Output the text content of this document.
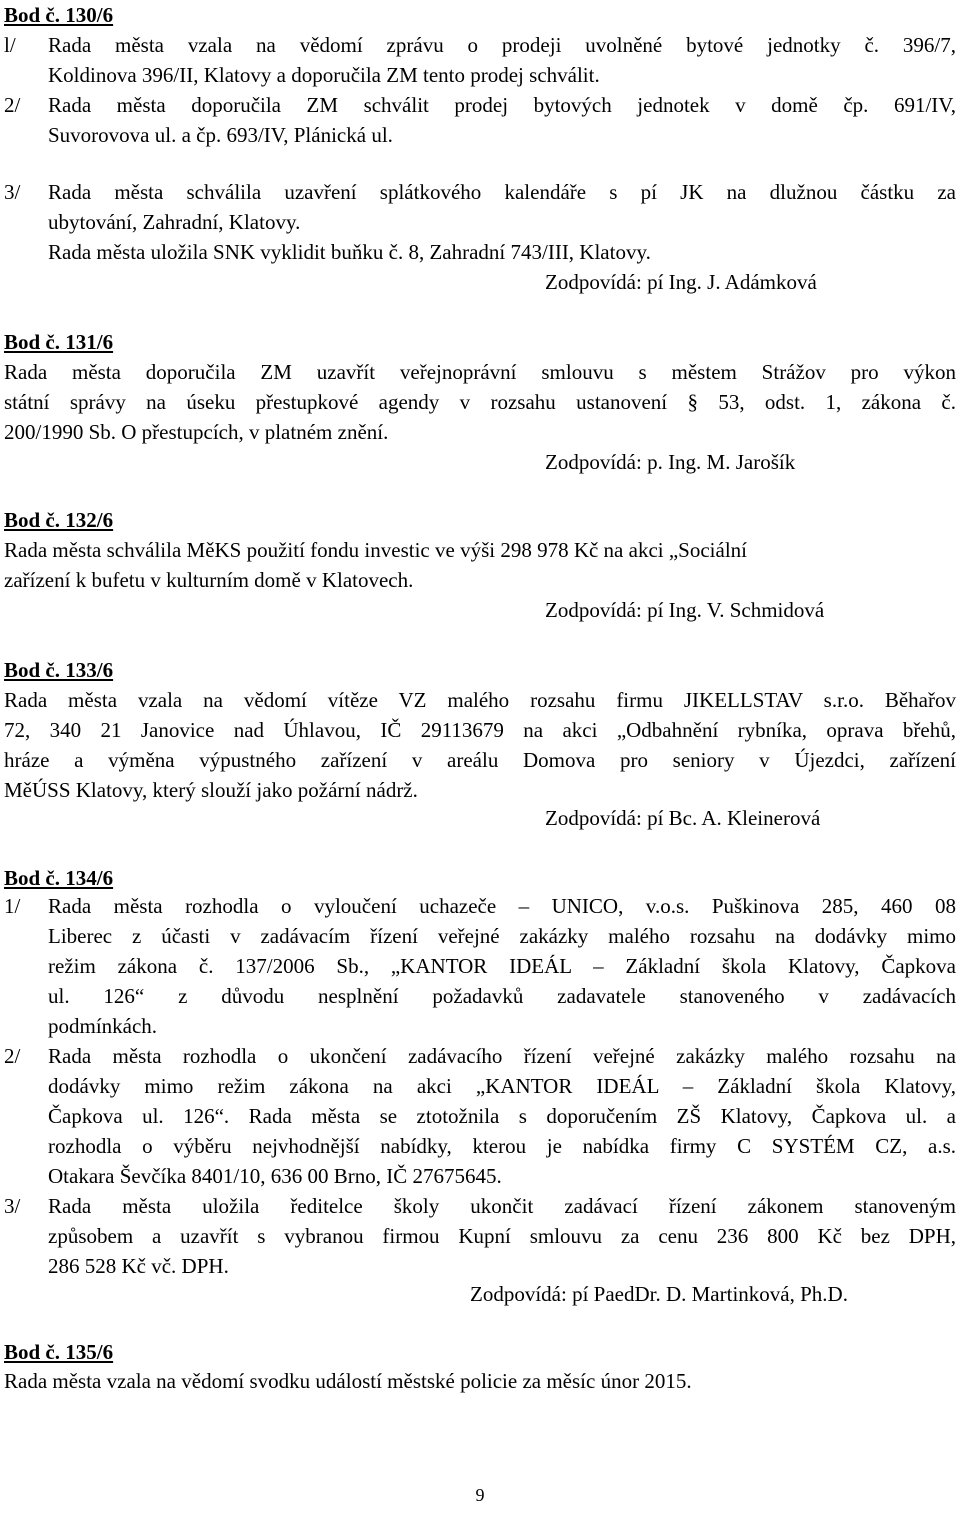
Bod č. 130/6
l/ Rada města vzala na vědomí zprávu o prodeji uvolněné bytové jednotky č. 396/7,
Koldinova 396/II, Klatovy a doporučila ZM tento prodej schválit.
2/ Rada města doporučila ZM schválit prodej bytových jednotek v domě čp. 691/IV,
Suvorovova ul. a čp. 693/IV, Plánická ul.
3/ Rada města schválila uzavření splátkového kalendáře s pí JK na dlužnou částku za
ubytování, Zahradní, Klatovy.
Rada města uložila SNK vyklidit buňku č. 8, Zahradní 743/III, Klatovy.
Zodpovídá: pí Ing. J. Adámková
Bod č. 131/6
Rada města doporučila ZM uzavřít veřejnoprávní smlouvu s městem Strážov pro výkon
státní správy na úseku přestupkové agendy v rozsahu ustanovení § 53, odst. 1, zákona č.
200/1990 Sb. O přestupcích, v platném znění.
Zodpovídá: p. Ing. M. Jarošík
Bod č. 132/6
Rada města schválila MěKS použití fondu investic ve výši 298 978 Kč na akci „Sociální
zařízení k bufetu v kulturním domě v Klatovech.
Zodpovídá: pí Ing. V. Schmidová
Bod č. 133/6
Rada města vzala na vědomí vítěze VZ malého rozsahu firmu JIKELLSTAV s.r.o. Běhařov
72, 340 21 Janovice nad Úhlavou, IČ 29113679 na akci „Odbahnění rybníka, oprava břehů,
hráze a výměna výpustného zařízení v areálu Domova pro seniory v Újezdci, zařízení
MěÚSS Klatovy, který slouží jako požární nádrž.
Zodpovídá: pí Bc. A. Kleinerová
Bod č. 134/6
1/ Rada města rozhodla o vyloučení uchazeče – UNICO, v.o.s. Puškinova 285, 460 08
Liberec z účasti v zadávacím řízení veřejné zakázky malého rozsahu na dodávky mimo
režim zákona č. 137/2006 Sb., „KANTOR IDEÁL – Základní škola Klatovy, Čapkova
ul. 126“ z důvodu nesplnění požadavků zadavatele stanoveného v zadávacích
podmínkách.
2/ Rada města rozhodla o ukončení zadávacího řízení veřejné zakázky malého rozsahu na
dodávky mimo režim zákona na akci „KANTOR IDEÁL – Základní škola Klatovy,
Čapkova ul. 126“. Rada města se ztotožnila s doporučením ZŠ Klatovy, Čapkova ul. a
rozhodla o výběru nejvhodnější nabídky, kterou je nabídka firmy C SYSTÉM CZ, a.s.
Otakara Ševčíka 8401/10, 636 00 Brno, IČ 27675645.
3/ Rada města uložila ředitelce školy ukončit zadávací řízení zákonem stanoveným
způsobem a uzavřít s vybranou firmou Kupní smlouvu za cenu 236 800 Kč bez DPH,
286 528 Kč vč. DPH.
Zodpovídá: pí PaedDr. D. Martinková, Ph.D.
Bod č. 135/6
Rada města vzala na vědomí svodku událostí městské policie za měsíc únor 2015.
9
